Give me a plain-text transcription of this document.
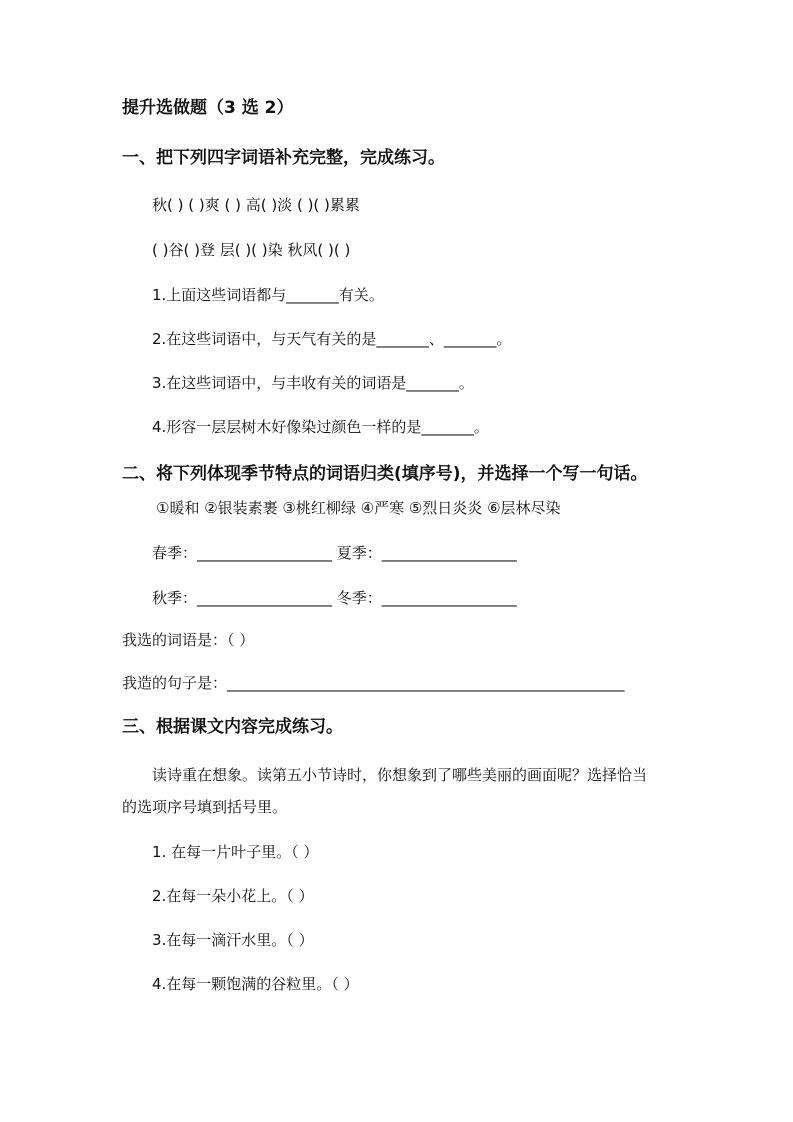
提升选做题（3 选 2）
一、把下列四字词语补充完整，完成练习。
秋( ) ( )爽 ( ) 高( )淡 ( )( )累累
( )谷( )登 层( )( )染 秋风( )( )
1.上面这些词语都与_______有关。
2.在这些词语中，与天气有关的是_______、_______。
3.在这些词语中，与丰收有关的词语是_______。
4.形容一层层树木好像染过颜色一样的是_______。
二、将下列体现季节特点的词语归类(填序号)，并选择一个写一句话。
①暖和 ②银装素裹 ③桃红柳绿 ④严寒 ⑤烈日炎炎 ⑥层林尽染
春季：__________________ 夏季：__________________
秋季：__________________ 冬季：__________________
我选的词语是：（ ）
我造的句子是：_____________________________________________________
三、根据课文内容完成练习。
读诗重在想象。读第五小节诗时，你想象到了哪些美丽的画面呢？选择恰当
的选项序号填到括号里。
1. 在每一片叶子里。（ ）
2.在每一朵小花上。（ ）
3.在每一滴汗水里。（ ）
4.在每一颗饱满的谷粒里。（ ）
